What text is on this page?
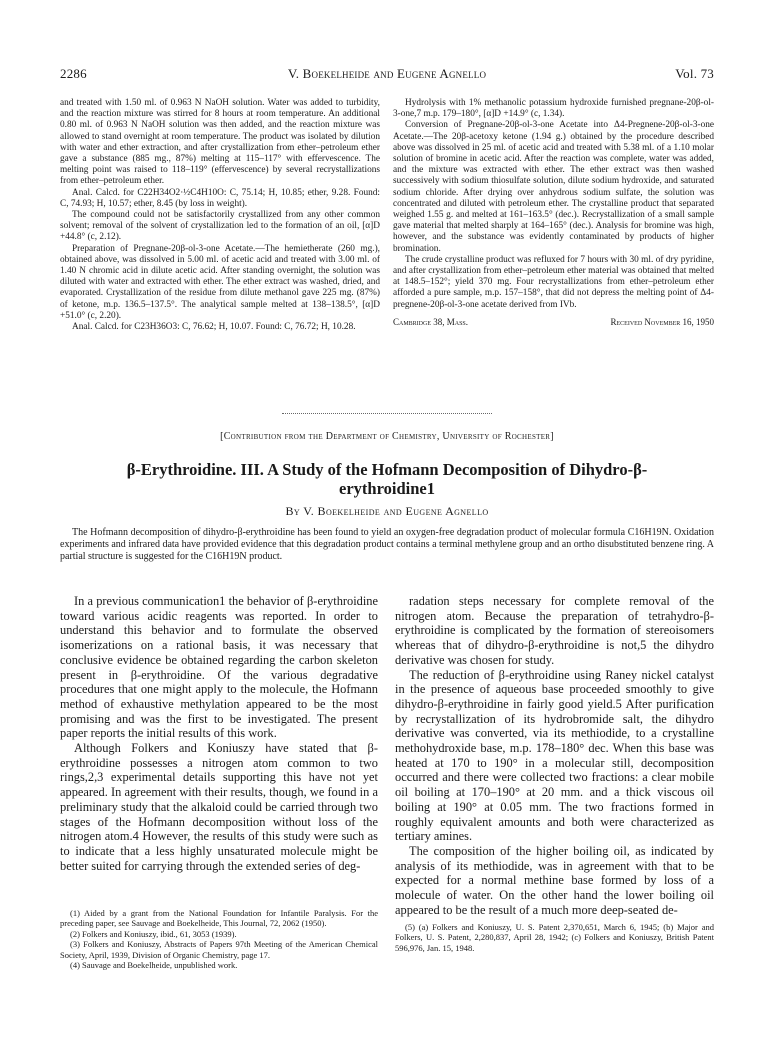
2286	V. Boekelheide and Eugene Agnello	Vol. 73

and treated with 1.50 ml. of 0.963 N NaOH solution. Water was added to turbidity, and the reaction mixture was stirred for 8 hours at room temperature. An additional 0.80 ml. of 0.963 N NaOH solution was then added, and the reaction mixture was allowed to stand overnight at room temperature. The product was isolated by dilution with water and ether extraction, and after crystallization from ether–petroleum ether gave a substance (885 mg., 87%) melting at 115–117° with effervescence. The melting point was raised to 118–119° (effervescence) by several recrystallizations from ether–petroleum ether.

Anal. Calcd. for C22H34O2·½C4H10O: C, 75.14; H, 10.85; ether, 9.28. Found: C, 74.93; H, 10.57; ether, 8.45 (by loss in weight).

The compound could not be satisfactorily crystallized from any other common solvent; removal of the solvent of crystallization led to the formation of an oil, [α]D +44.8° (c, 2.12).

Preparation of Pregnane-20β-ol-3-one Acetate.—The hemietherate (260 mg.), obtained above, was dissolved in 5.00 ml. of acetic acid and treated with 3.00 ml. of 1.40 N chromic acid in dilute acetic acid. After standing overnight, the solution was diluted with water and extracted with ether. The ether extract was washed, dried, and evaporated. Crystallization of the residue from dilute methanol gave 225 mg. (87%) of ketone, m.p. 136.5–137.5°. The analytical sample melted at 138–138.5°, [α]D +51.0° (c, 2.20).

Anal. Calcd. for C23H36O3: C, 76.62; H, 10.07. Found: C, 76.72; H, 10.28.

Hydrolysis with 1% methanolic potassium hydroxide furnished pregnane-20β-ol-3-one,7 m.p. 179–180°, [α]D +14.9° (c, 1.34).

Conversion of Pregnane-20β-ol-3-one Acetate into Δ4-Pregnene-20β-ol-3-one Acetate.—The 20β-acetoxy ketone (1.94 g.) obtained by the procedure described above was dissolved in 25 ml. of acetic acid and treated with 5.38 ml. of a 1.10 molar solution of bromine in acetic acid. After the reaction was complete, water was added, and the mixture was extracted with ether. The ether extract was then washed successively with sodium thiosulfate solution, dilute sodium hydroxide, and saturated sodium chloride. After drying over anhydrous sodium sulfate, the solution was concentrated and diluted with petroleum ether. The crystalline product that separated weighed 1.55 g. and melted at 161–163.5° (dec.). Recrystallization of a small sample gave material that melted sharply at 164–165° (dec.). Analysis for bromine was high, however, and the substance was evidently contaminated by products of higher bromination.

The crude crystalline product was refluxed for 7 hours with 30 ml. of dry pyridine, and after crystallization from ether–petroleum ether material was obtained that melted at 148.5–152°; yield 370 mg. Four recrystallizations from ether–petroleum ether afforded a pure sample, m.p. 157–158°, that did not depress the melting point of Δ4-pregnene-20β-ol-3-one acetate derived from IVb.

Cambridge 38, Mass.	Received November 16, 1950
[Contribution from the Department of Chemistry, University of Rochester]
β-Erythroidine. III. A Study of the Hofmann Decomposition of Dihydro-β-erythroidine1
By V. Boekelheide and Eugene Agnello

The Hofmann decomposition of dihydro-β-erythroidine has been found to yield an oxygen-free degradation product of molecular formula C16H19N. Oxidation experiments and infrared data have provided evidence that this degradation product contains a terminal methylene group and an ortho disubstituted benzene ring. A partial structure is suggested for the C16H19N product.

In a previous communication1 the behavior of β-erythroidine toward various acidic reagents was reported. In order to understand this behavior and to formulate the observed isomerizations on a rational basis, it was necessary that conclusive evidence be obtained regarding the carbon skeleton present in β-erythroidine. Of the various degradative procedures that one might apply to the molecule, the Hofmann method of exhaustive methylation appeared to be the most promising and was the first to be investigated. The present paper reports the initial results of this work.

Although Folkers and Koniuszy have stated that β-erythroidine possesses a nitrogen atom common to two rings,2,3 experimental details supporting this have not yet appeared. In agreement with their results, though, we found in a preliminary study that the alkaloid could be carried through two stages of the Hofmann decomposition without loss of the nitrogen atom.4 However, the results of this study were such as to indicate that a less highly unsaturated molecule might be better suited for carrying through the extended series of deg-

radation steps necessary for complete removal of the nitrogen atom. Because the preparation of tetrahydro-β-erythroidine is complicated by the formation of stereoisomers whereas that of dihydro-β-erythroidine is not,5 the dihydro derivative was chosen for study.

The reduction of β-erythroidine using Raney nickel catalyst in the presence of aqueous base proceeded smoothly to give dihydro-β-erythroidine in fairly good yield.5 After purification by recrystallization of its hydrobromide salt, the dihydro derivative was converted, via its methiodide, to a crystalline methohydroxide base, m.p. 178–180° dec. When this base was heated at 170 to 190° in a molecular still, decomposition occurred and there were collected two fractions: a clear mobile oil boiling at 170–190° at 20 mm. and a thick viscous oil boiling at 190° at 0.05 mm. The two fractions formed in roughly equivalent amounts and both were characterized as tertiary amines.

The composition of the higher boiling oil, as indicated by analysis of its methiodide, was in agreement with that to be expected for a normal methine base formed by loss of a molecule of water. On the other hand the lower boiling oil appeared to be the result of a much more deep-seated de-

(1) Aided by a grant from the National Foundation for Infantile Paralysis. For the preceding paper, see Sauvage and Boekelheide, This Journal, 72, 2062 (1950).

(2) Folkers and Koniuszy, ibid., 61, 3053 (1939).

(3) Folkers and Koniuszy, Abstracts of Papers 97th Meeting of the American Chemical Society, April, 1939, Division of Organic Chemistry, page 17.

(4) Sauvage and Boekelheide, unpublished work.

(5) (a) Folkers and Koniuszy, U. S. Patent 2,370,651, March 6, 1945; (b) Major and Folkers, U. S. Patent, 2,280,837, April 28, 1942; (c) Folkers and Koniuszy, British Patent 596,976, Jan. 15, 1948.
